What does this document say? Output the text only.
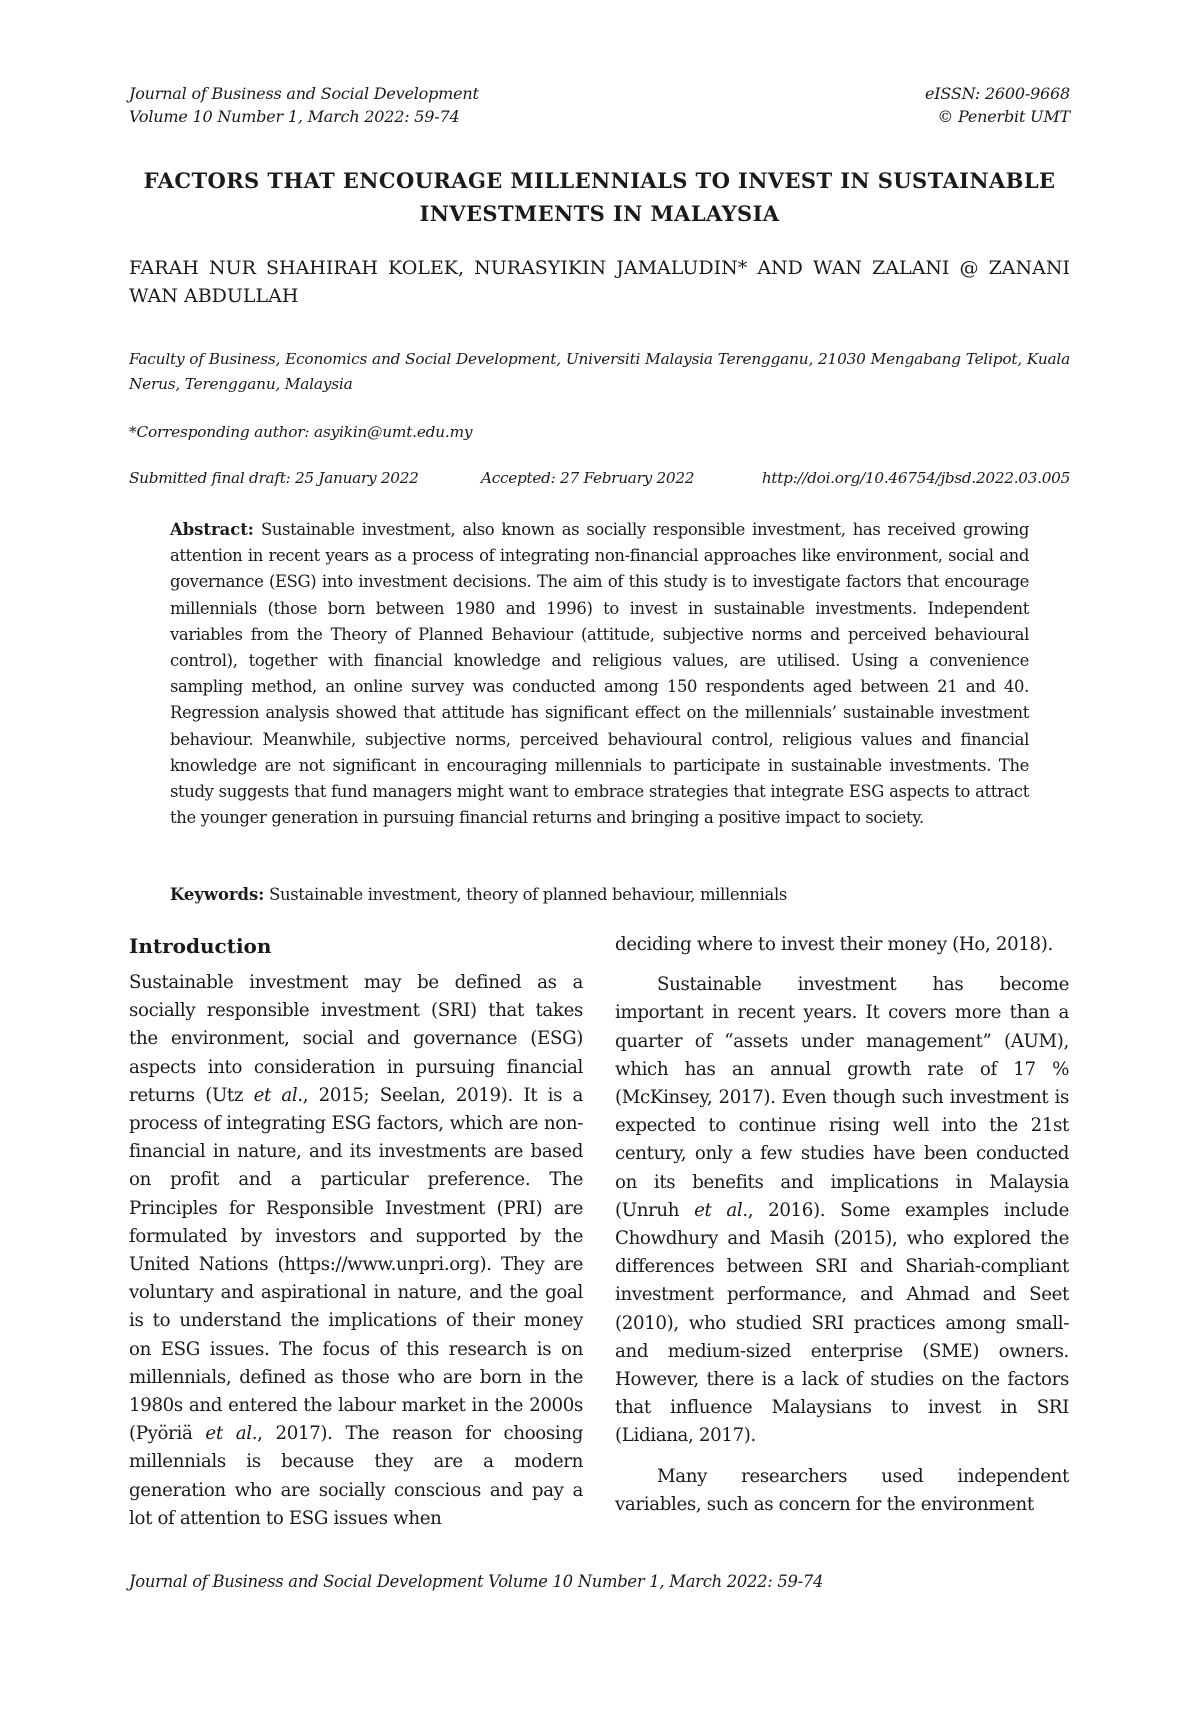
Journal of Business and Social Development
Volume 10 Number 1, March 2022: 59-74
eISSN: 2600-9668
© Penerbit UMT
FACTORS THAT ENCOURAGE MILLENNIALS TO INVEST IN SUSTAINABLE INVESTMENTS IN MALAYSIA
FARAH NUR SHAHIRAH KOLEK, NURASYIKIN JAMALUDIN* AND WAN ZALANI @ ZANANI WAN ABDULLAH
Faculty of Business, Economics and Social Development, Universiti Malaysia Terengganu, 21030 Mengabang Telipot, Kuala Nerus, Terengganu, Malaysia
*Corresponding author: asyikin@umt.edu.my
Submitted final draft: 25 January 2022	Accepted: 27 February 2022	http://doi.org/10.46754/jbsd.2022.03.005
Abstract: Sustainable investment, also known as socially responsible investment, has received growing attention in recent years as a process of integrating non-financial approaches like environment, social and governance (ESG) into investment decisions. The aim of this study is to investigate factors that encourage millennials (those born between 1980 and 1996) to invest in sustainable investments. Independent variables from the Theory of Planned Behaviour (attitude, subjective norms and perceived behavioural control), together with financial knowledge and religious values, are utilised. Using a convenience sampling method, an online survey was conducted among 150 respondents aged between 21 and 40. Regression analysis showed that attitude has significant effect on the millennials’ sustainable investment behaviour. Meanwhile, subjective norms, perceived behavioural control, religious values and financial knowledge are not significant in encouraging millennials to participate in sustainable investments. The study suggests that fund managers might want to embrace strategies that integrate ESG aspects to attract the younger generation in pursuing financial returns and bringing a positive impact to society.
Keywords: Sustainable investment, theory of planned behaviour, millennials
Introduction

Sustainable investment may be defined as a socially responsible investment (SRI) that takes the environment, social and governance (ESG) aspects into consideration in pursuing financial returns (Utz et al., 2015; Seelan, 2019). It is a process of integrating ESG factors, which are non-financial in nature, and its investments are based on profit and a particular preference. The Principles for Responsible Investment (PRI) are formulated by investors and supported by the United Nations (https://www.unpri.org). They are voluntary and aspirational in nature, and the goal is to understand the implications of their money on ESG issues. The focus of this research is on millennials, defined as those who are born in the 1980s and entered the labour market in the 2000s (Pyöriä et al., 2017). The reason for choosing millennials is because they are a modern generation who are socially conscious and pay a lot of attention to ESG issues when

deciding where to invest their money (Ho, 2018).

Sustainable investment has become important in recent years. It covers more than a quarter of “assets under management” (AUM), which has an annual growth rate of 17 % (McKinsey, 2017). Even though such investment is expected to continue rising well into the 21st century, only a few studies have been conducted on its benefits and implications in Malaysia (Unruh et al., 2016). Some examples include Chowdhury and Masih (2015), who explored the differences between SRI and Shariah-compliant investment performance, and Ahmad and Seet (2010), who studied SRI practices among small- and medium-sized enterprise (SME) owners. However, there is a lack of studies on the factors that influence Malaysians to invest in SRI (Lidiana, 2017).

Many researchers used independent variables, such as concern for the environment

Journal of Business and Social Development Volume 10 Number 1, March 2022: 59-74
